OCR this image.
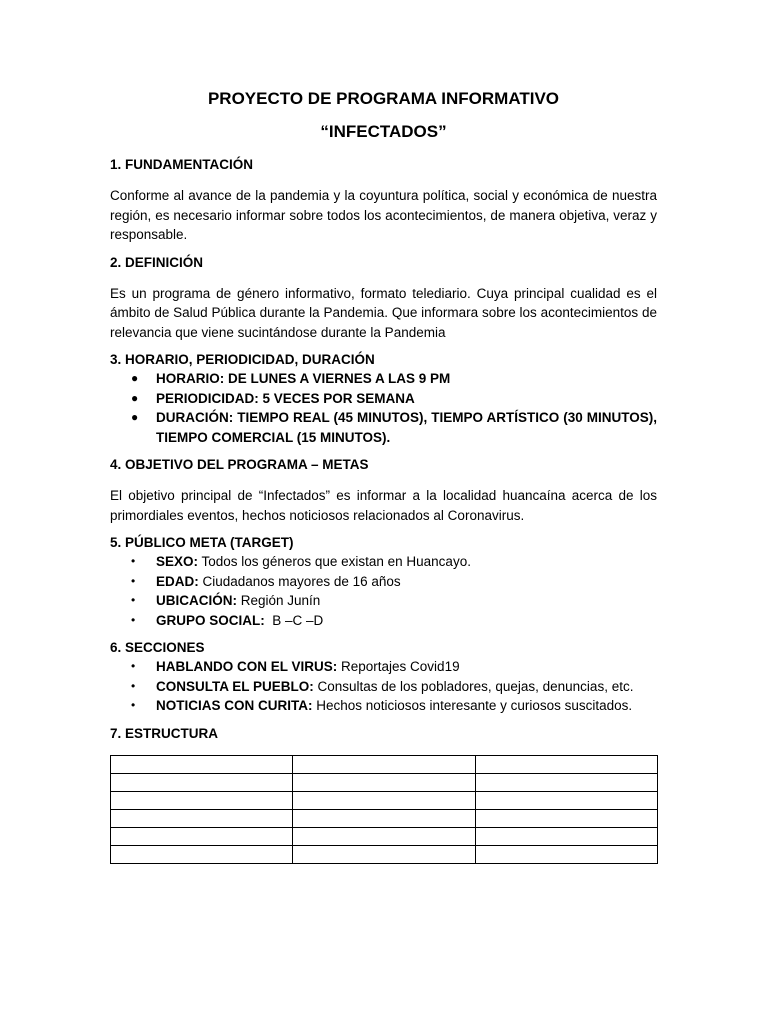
PROYECTO DE PROGRAMA INFORMATIVO

“INFECTADOS”

1. FUNDAMENTACIÓN

Conforme al avance de la pandemia y la coyuntura política, social y económica de nuestra región, es necesario informar sobre todos los acontecimientos, de manera objetiva, veraz y responsable.

2. DEFINICIÓN

Es un programa de género informativo, formato telediario. Cuya principal cualidad es el ámbito de Salud Pública durante la Pandemia. Que informara sobre los acontecimientos de relevancia que viene sucintándose durante la Pandemia

3. HORARIO, PERIODICIDAD, DURACIÓN

● HORARIO: DE LUNES A VIERNES A LAS 9 PM
● PERIODICIDAD: 5 VECES POR SEMANA
● DURACIÓN: TIEMPO REAL (45 MINUTOS), TIEMPO ARTÍSTICO (30 MINUTOS), TIEMPO COMERCIAL (15 MINUTOS).

4. OBJETIVO DEL PROGRAMA – METAS

El objetivo principal de “Infectados” es informar a la localidad huancaína acerca de los primordiales eventos, hechos noticiosos relacionados al Coronavirus.

5. PÚBLICO META (TARGET)

• SEXO: Todos los géneros que existan en Huancayo.
• EDAD: Ciudadanos mayores de 16 años
• UBICACIÓN: Región Junín
• GRUPO SOCIAL:  B –C –D

6. SECCIONES

• HABLANDO CON EL VIRUS: Reportajes Covid19
• CONSULTA EL PUEBLO: Consultas de los pobladores, quejas, denuncias, etc.
• NOTICIAS CON CURITA: Hechos noticiosos interesante y curiosos suscitados.

7. ESTRUCTURA
